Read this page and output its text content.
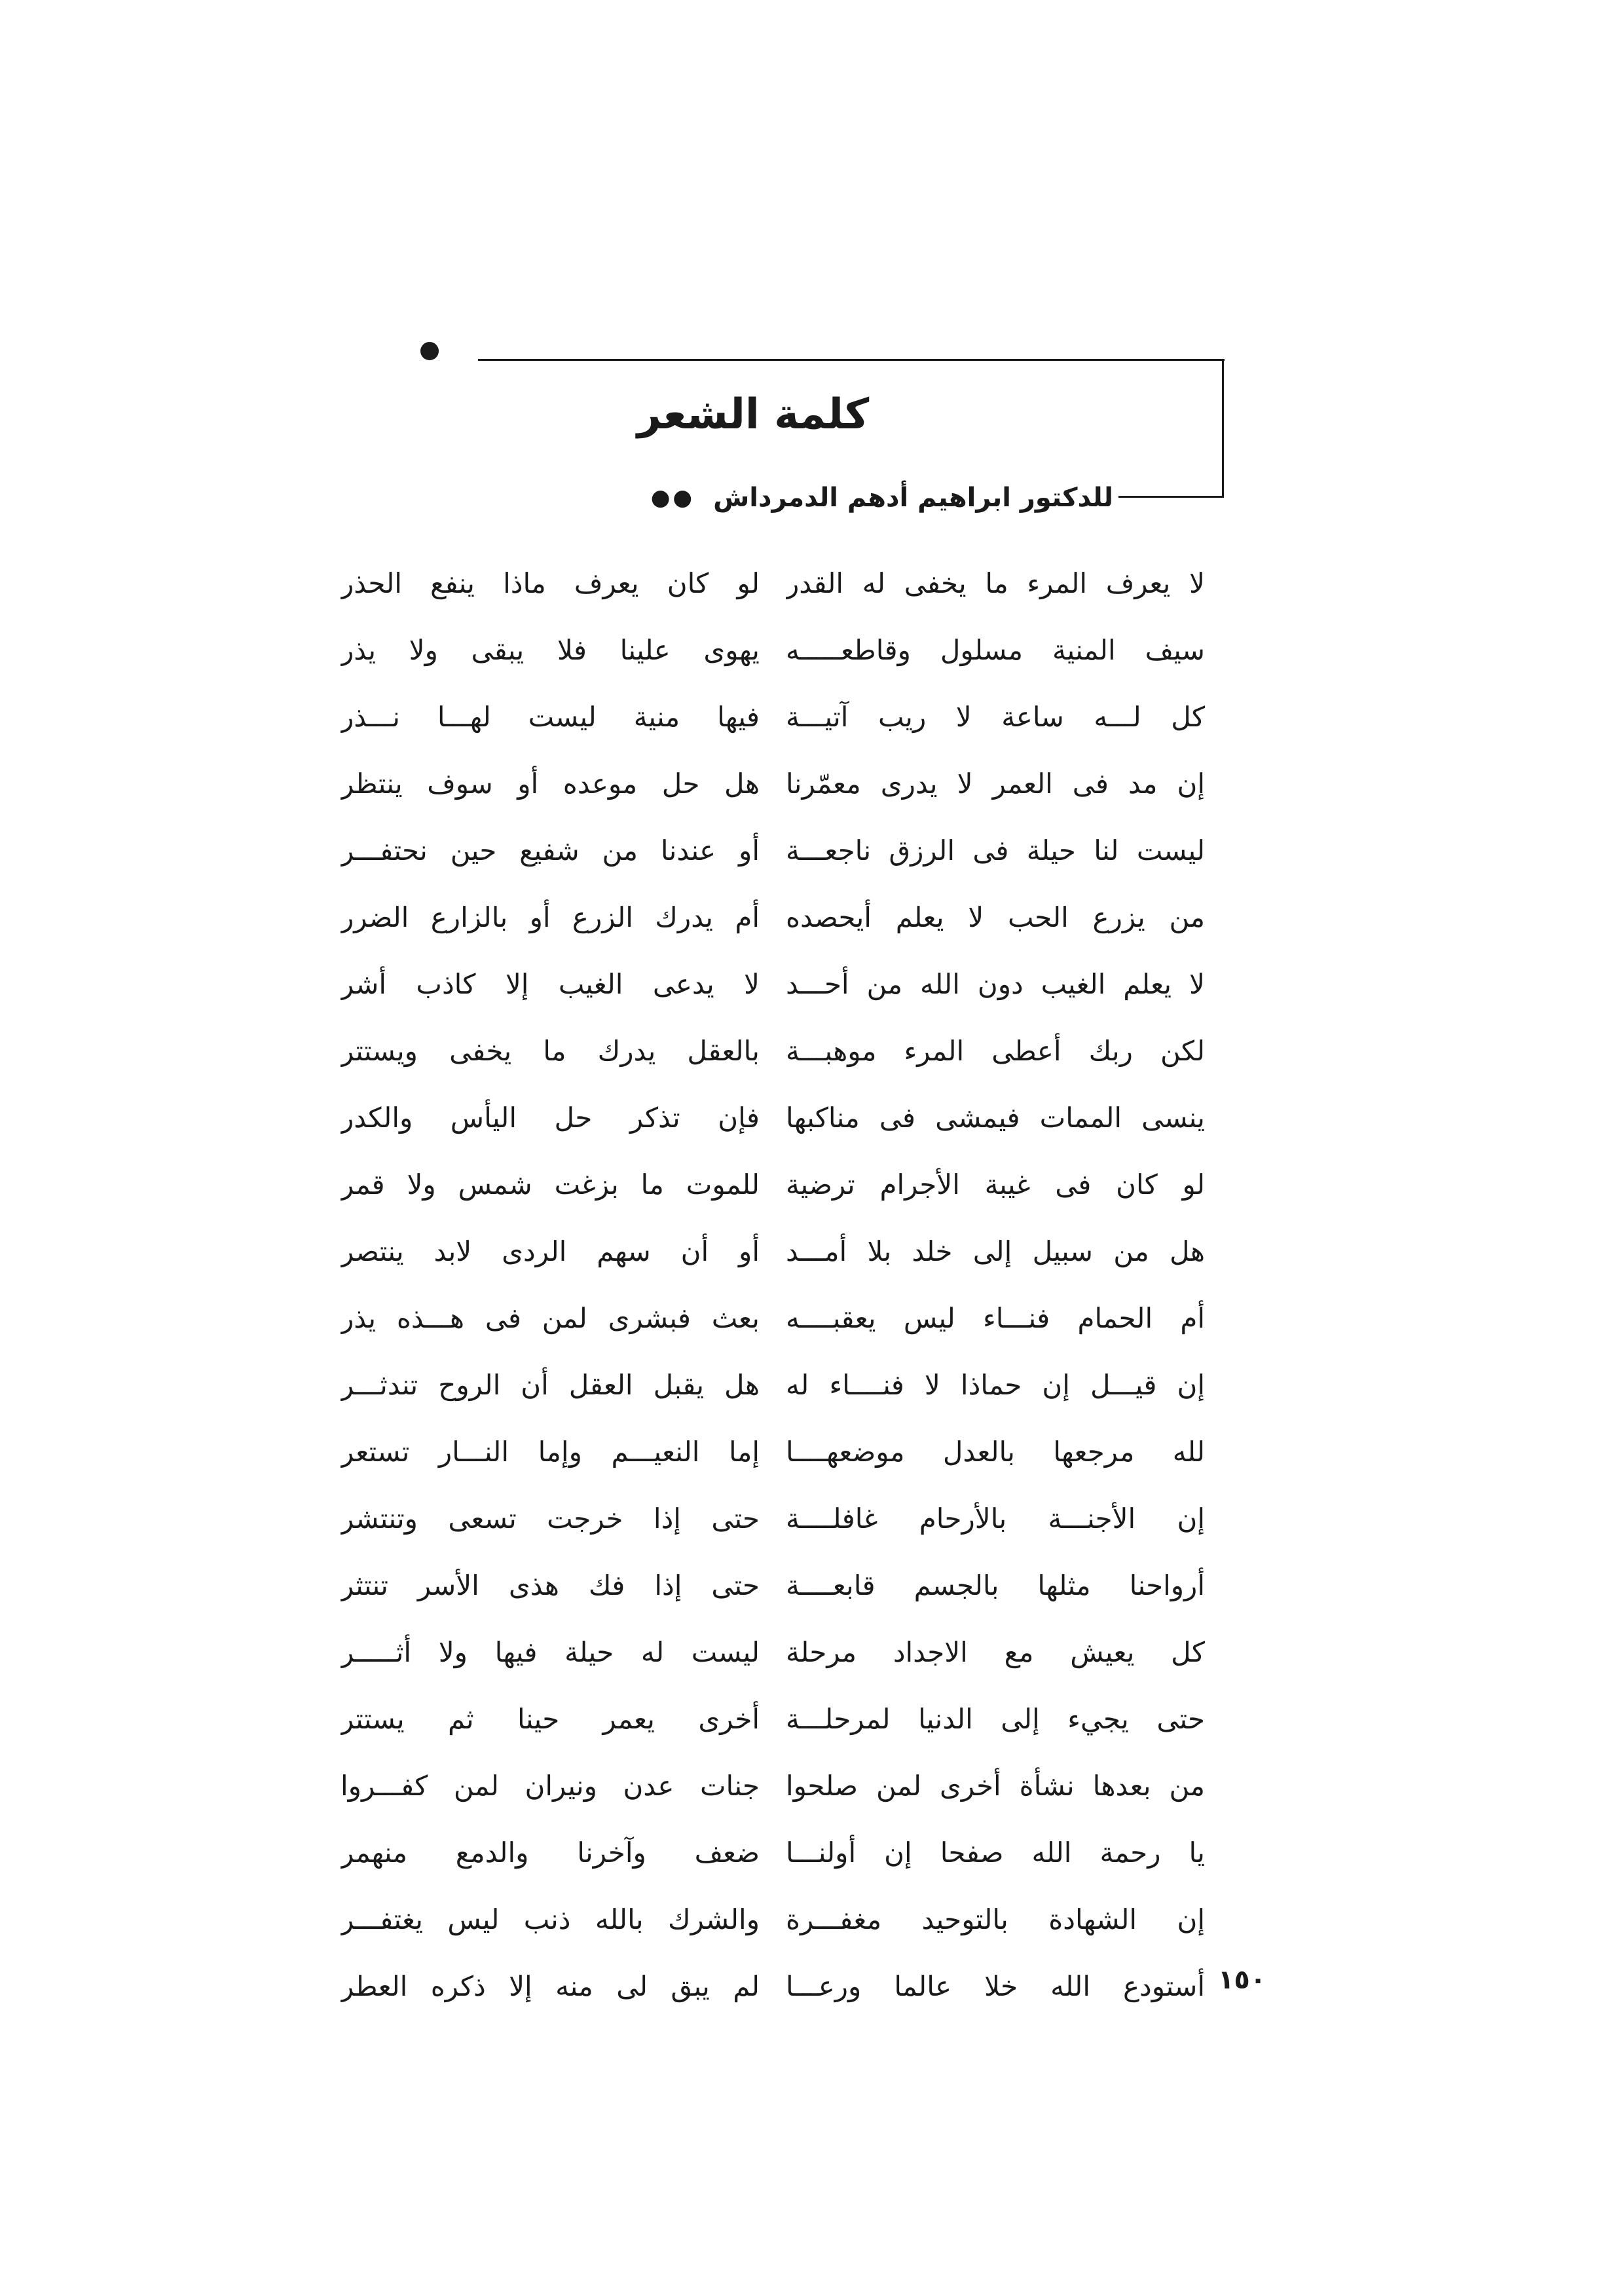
كلمة الشعر
للدكتور ابراهيم أدهم الدمرداش
●●
لا يعرف المرء ما يخفى له القدر
سيف المنية مسلول وقاطعـــــه
كل لـــه ساعة لا ريب آتيـــة
إن مد فى العمر لا يدرى معمّرنا
ليست لنا حيلة فى الرزق ناجعـــة
من يزرع الحب لا يعلم أيحصده
لا يعلم الغيب دون الله من أحـــد
لكن ربك أعطى المرء موهبـــة
ينسى الممات فيمشى فى مناكبها
لو كان فى غيبة الأجرام ترضية
هل من سبيل إلى خلد بلا أمـــد
أم الحمام فنـــاء ليس يعقبــــه
إن قيـــل إن حماذا لا فنــــاء له
لله مرجعها بالعدل موضعهــــا
إن الأجنـــة بالأرحام غافلــــة
أرواحنا مثلها بالجسم قابعــــة
كل يعيش مع الاجداد مرحلة
حتى يجيء إلى الدنيا لمرحلـــة
من بعدها نشأة أخرى لمن صلحوا
يا رحمة الله صفحا إن أولنـــا
إن الشهادة بالتوحيد مغفـــرة
أستودع الله خلا عالما ورعـــا
لو كان يعرف ماذا ينفع الحذر
يهوى علينا فلا يبقى ولا يذر
فيها منية ليست لهـــا نـــذر
هل حل موعده أو سوف ينتظر
أو عندنا من شفيع حين نحتفـــر
أم يدرك الزرع أو بالزارع الضرر
لا يدعى الغيب إلا كاذب أشر
بالعقل يدرك ما يخفى ويستتر
فإن تذكر حل اليأس والكدر
للموت ما بزغت شمس ولا قمر
أو أن سهم الردى لابد ينتصر
بعث فبشرى لمن فى هـــذه يذر
هل يقبل العقل أن الروح تندثـــر
إما النعيـــم وإما النـــار تستعر
حتى إذا خرجت تسعى وتنتشر
حتى إذا فك هذى الأسر تنتثر
ليست له حيلة فيها ولا أثـــــر
أخرى يعمر حينا ثم يستتر
جنات عدن ونيران لمن كفـــروا
ضعف وآخرنا والدمع منهمر
والشرك بالله ذنب ليس يغتفـــر
لم يبق لى منه إلا ذكره العطر	١٥٠
